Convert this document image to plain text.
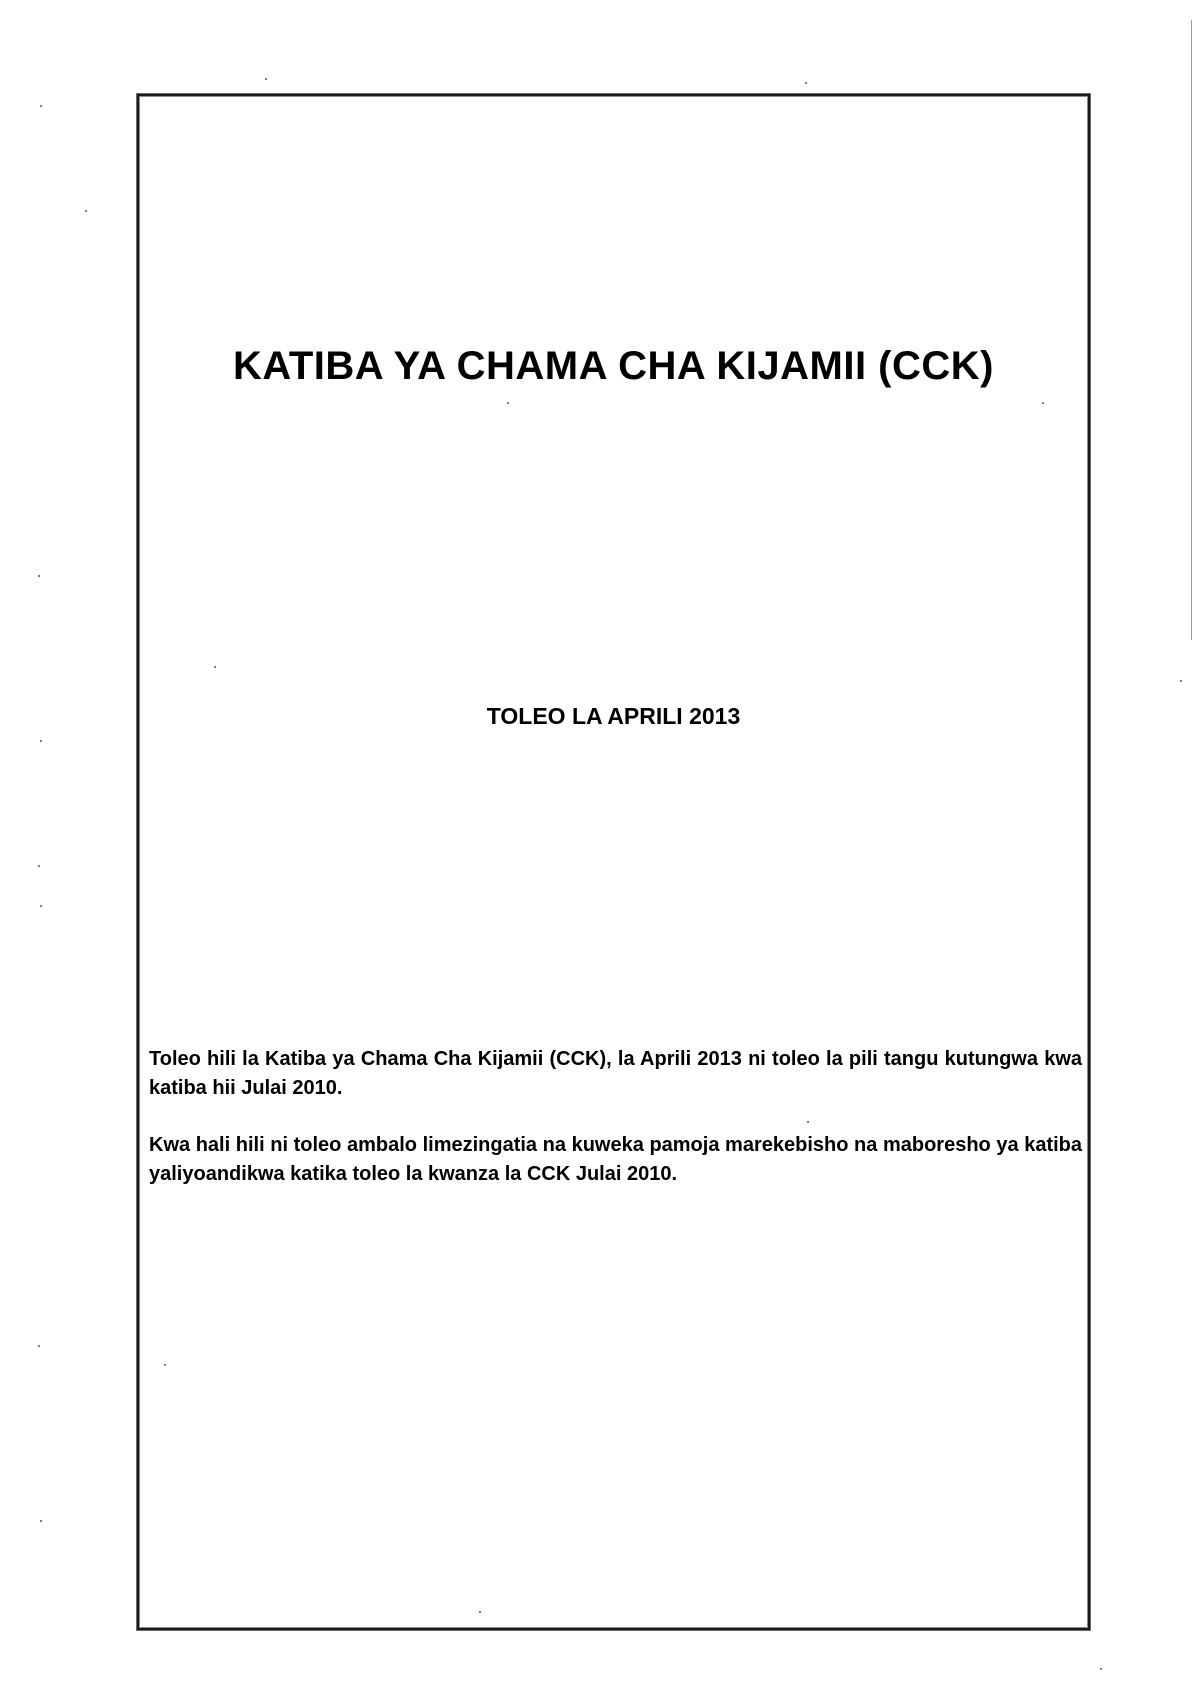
KATIBA YA CHAMA CHA KIJAMII (CCK)
TOLEO LA APRILI 2013

Toleo hili la Katiba ya Chama Cha Kijamii (CCK), la Aprili 2013 ni toleo la pili tangu kutungwa kwa katiba hii Julai 2010.

Kwa hali hili ni toleo ambalo limezingatia na kuweka pamoja marekebisho na maboresho ya katiba yaliyoandikwa katika toleo la kwanza la CCK Julai 2010.
